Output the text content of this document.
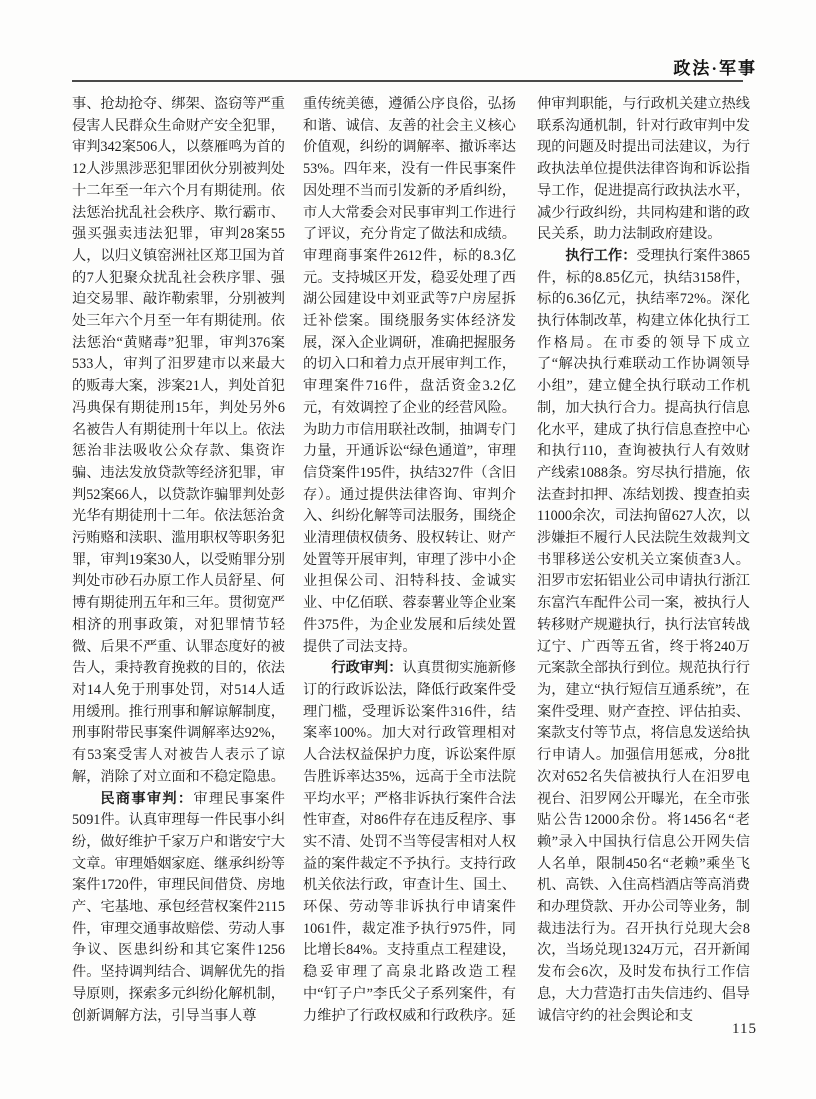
政法·军事

事、抢劫抢夺、绑架、盗窃等严重侵害人民群众生命财产安全犯罪，审判342案506人，以蔡雁鸣为首的12人涉黑涉恶犯罪团伙分别被判处十二年至一年六个月有期徒刑。依法惩治扰乱社会秩序、欺行霸市、强买强卖违法犯罪，审判28案55人，以归义镇窑洲社区郑卫国为首的7人犯聚众扰乱社会秩序罪、强迫交易罪、敲诈勒索罪，分别被判处三年六个月至一年有期徒刑。依法惩治“黄赌毒”犯罪，审判376案533人，审判了汨罗建市以来最大的贩毒大案，涉案21人，判处首犯冯典保有期徒刑15年，判处另外6名被告人有期徒刑十年以上。依法惩治非法吸收公众存款、集资诈骗、违法发放贷款等经济犯罪，审判52案66人，以贷款诈骗罪判处彭光华有期徒刑十二年。依法惩治贪污贿赂和渎职、滥用职权等职务犯罪，审判19案30人，以受贿罪分别判处市砂石办原工作人员舒星、何博有期徒刑五年和三年。贯彻宽严相济的刑事政策，对犯罪情节轻微、后果不严重、认罪态度好的被告人，秉持教育挽救的目的，依法对14人免于刑事处罚，对514人适用缓刑。推行刑事和解谅解制度，刑事附带民事案件调解率达92%，有53案受害人对被告人表示了谅解，消除了对立面和不稳定隐患。

民商事审判：审理民事案件5091件。认真审理每一件民事小纠纷，做好维护千家万户和谐安宁大文章。审理婚姻家庭、继承纠纷等案件1720件，审理民间借贷、房地产、宅基地、承包经营权案件2115件，审理交通事故赔偿、劳动人事争议、医患纠纷和其它案件1256件。坚持调判结合、调解优先的指导原则，探索多元纠纷化解机制，创新调解方法，引导当事人尊

重传统美德，遵循公序良俗，弘扬和谐、诚信、友善的社会主义核心价值观，纠纷的调解率、撤诉率达53%。四年来，没有一件民事案件因处理不当而引发新的矛盾纠纷，市人大常委会对民事审判工作进行了评议，充分肯定了做法和成绩。审理商事案件2612件，标的8.3亿元。支持城区开发，稳妥处理了西湖公园建设中刘亚武等7户房屋拆迁补偿案。围绕服务实体经济发展，深入企业调研，准确把握服务的切入口和着力点开展审判工作，审理案件716件，盘活资金3.2亿元，有效调控了企业的经营风险。为助力市信用联社改制，抽调专门力量，开通诉讼“绿色通道”，审理信贷案件195件，执结327件（含旧存）。通过提供法律咨询、审判介入、纠纷化解等司法服务，围绕企业清理债权债务、股权转让、财产处置等开展审判，审理了涉中小企业担保公司、汨特科技、金诚实业、中亿佰联、蓉泰薯业等企业案件375件，为企业发展和后续处置提供了司法支持。

行政审判：认真贯彻实施新修订的行政诉讼法，降低行政案件受理门槛，受理诉讼案件316件，结案率100%。加大对行政管理相对人合法权益保护力度，诉讼案件原告胜诉率达35%，远高于全市法院平均水平；严格非诉执行案件合法性审查，对86件存在违反程序、事实不清、处罚不当等侵害相对人权益的案件裁定不予执行。支持行政机关依法行政，审查计生、国土、环保、劳动等非诉执行申请案件1061件，裁定准予执行975件，同比增长84%。支持重点工程建设，稳妥审理了高泉北路改造工程中“钉子户”李氏父子系列案件，有力维护了行政权威和行政秩序。延

伸审判职能，与行政机关建立热线联系沟通机制，针对行政审判中发现的问题及时提出司法建议，为行政执法单位提供法律咨询和诉讼指导工作，促进提高行政执法水平，减少行政纠纷，共同构建和谐的政民关系，助力法制政府建设。

执行工作：受理执行案件3865件，标的8.85亿元，执结3158件，标的6.36亿元，执结率72%。深化执行体制改革，构建立体化执行工作格局。在市委的领导下成立了“解决执行难联动工作协调领导小组”，建立健全执行联动工作机制，加大执行合力。提高执行信息化水平，建成了执行信息查控中心和执行110，查询被执行人有效财产线索1088条。穷尽执行措施，依法查封扣押、冻结划拨、搜查拍卖11000余次，司法拘留627人次，以涉嫌拒不履行人民法院生效裁判文书罪移送公安机关立案侦查3人。汨罗市宏拓铝业公司申请执行浙江东富汽车配件公司一案，被执行人转移财产规避执行，执行法官转战辽宁、广西等五省，终于将240万元案款全部执行到位。规范执行行为，建立“执行短信互通系统”，在案件受理、财产查控、评估拍卖、案款支付等节点，将信息发送给执行申请人。加强信用惩戒，分8批次对652名失信被执行人在汨罗电视台、汨罗网公开曝光，在全市张贴公告12000余份。将1456名“老赖”录入中国执行信息公开网失信人名单，限制450名“老赖”乘坐飞机、高铁、入住高档酒店等高消费和办理贷款、开办公司等业务，制裁违法行为。召开执行兑现大会8次，当场兑现1324万元，召开新闻发布会6次，及时发布执行工作信息，大力营造打击失信违约、倡导诚信守约的社会舆论和支

115
